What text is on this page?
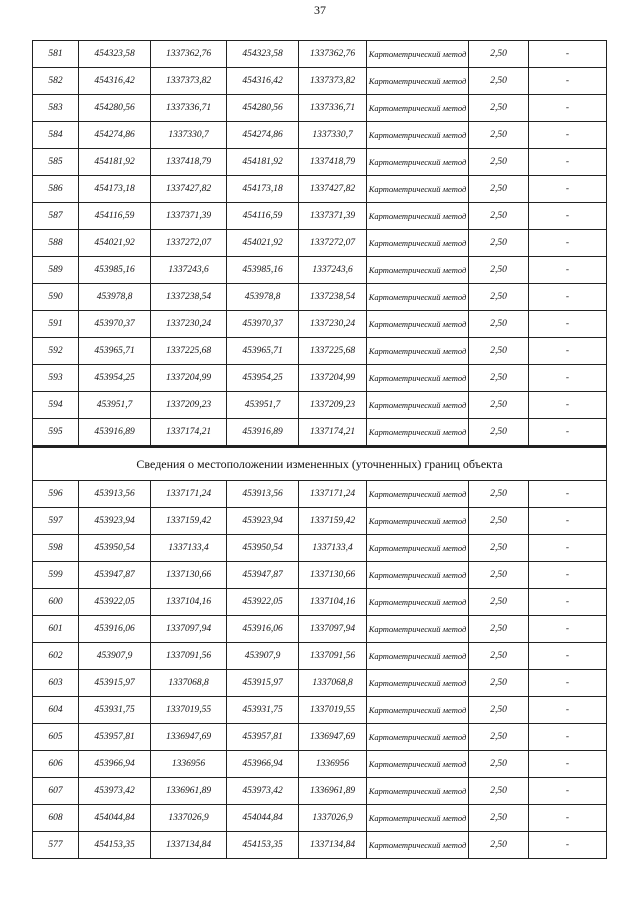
37
581	454323,58	1337362,76	454323,58	1337362,76	Картометрический метод	2,50	-
582	454316,42	1337373,82	454316,42	1337373,82	Картометрический метод	2,50	-
583	454280,56	1337336,71	454280,56	1337336,71	Картометрический метод	2,50	-
584	454274,86	1337330,7	454274,86	1337330,7	Картометрический метод	2,50	-
585	454181,92	1337418,79	454181,92	1337418,79	Картометрический метод	2,50	-
586	454173,18	1337427,82	454173,18	1337427,82	Картометрический метод	2,50	-
587	454116,59	1337371,39	454116,59	1337371,39	Картометрический метод	2,50	-
588	454021,92	1337272,07	454021,92	1337272,07	Картометрический метод	2,50	-
589	453985,16	1337243,6	453985,16	1337243,6	Картометрический метод	2,50	-
590	453978,8	1337238,54	453978,8	1337238,54	Картометрический метод	2,50	-
591	453970,37	1337230,24	453970,37	1337230,24	Картометрический метод	2,50	-
592	453965,71	1337225,68	453965,71	1337225,68	Картометрический метод	2,50	-
593	453954,25	1337204,99	453954,25	1337204,99	Картометрический метод	2,50	-
594	453951,7	1337209,23	453951,7	1337209,23	Картометрический метод	2,50	-
595	453916,89	1337174,21	453916,89	1337174,21	Картометрический метод	2,50	-
Сведения о местоположении измененных (уточненных) границ объекта							
596	453913,56	1337171,24	453913,56	1337171,24	Картометрический метод	2,50	-
597	453923,94	1337159,42	453923,94	1337159,42	Картометрический метод	2,50	-
598	453950,54	1337133,4	453950,54	1337133,4	Картометрический метод	2,50	-
599	453947,87	1337130,66	453947,87	1337130,66	Картометрический метод	2,50	-
600	453922,05	1337104,16	453922,05	1337104,16	Картометрический метод	2,50	-
601	453916,06	1337097,94	453916,06	1337097,94	Картометрический метод	2,50	-
602	453907,9	1337091,56	453907,9	1337091,56	Картометрический метод	2,50	-
603	453915,97	1337068,8	453915,97	1337068,8	Картометрический метод	2,50	-
604	453931,75	1337019,55	453931,75	1337019,55	Картометрический метод	2,50	-
605	453957,81	1336947,69	453957,81	1336947,69	Картометрический метод	2,50	-
606	453966,94	1336956	453966,94	1336956	Картометрический метод	2,50	-
607	453973,42	1336961,89	453973,42	1336961,89	Картометрический метод	2,50	-
608	454044,84	1337026,9	454044,84	1337026,9	Картометрический метод	2,50	-
577	454153,35	1337134,84	454153,35	1337134,84	Картометрический метод	2,50	-
